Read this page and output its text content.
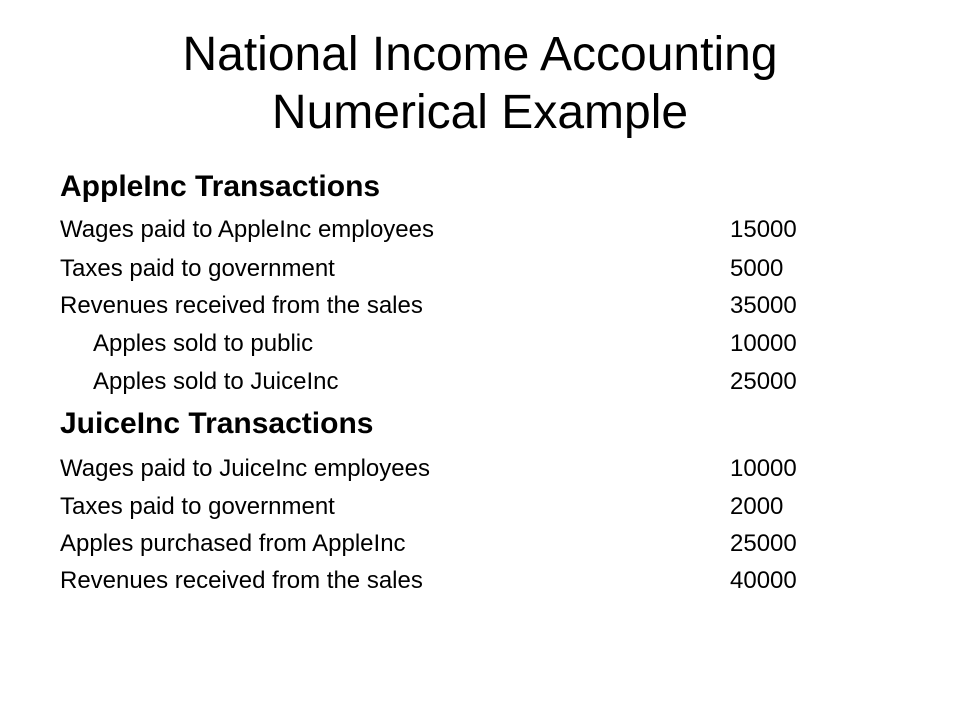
National Income Accounting
Numerical Example
AppleInc Transactions
Wages paid to AppleInc employees	15000
Taxes paid to government	5000
Revenues received from the sales	35000
Apples sold to public	10000
Apples sold to JuiceInc	25000
JuiceInc Transactions
Wages paid to JuiceInc employees	10000
Taxes paid to government	2000
Apples purchased from AppleInc	25000
Revenues received from the sales	40000
